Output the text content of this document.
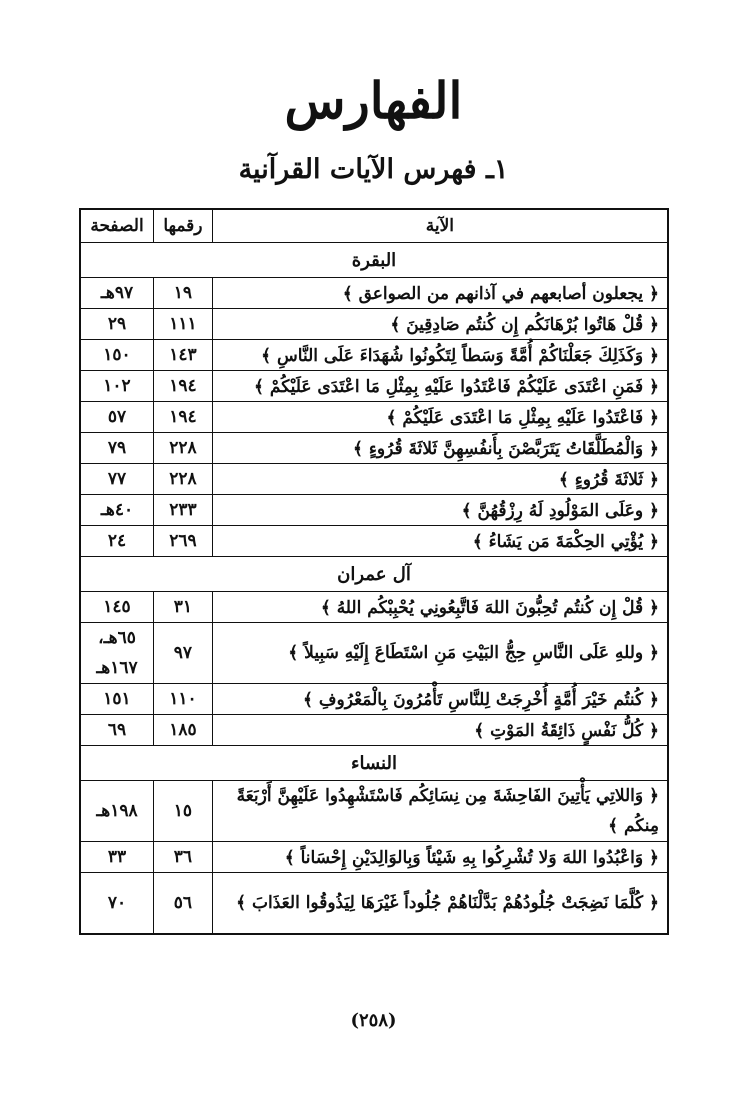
الفهارس
١ـ فهرس الآيات القرآنية
الآية	رقمها	الصفحة
البقرة		
﴿ يجعلون أصابعهم في آذانهم من الصواعق ﴾	١٩	٩٧هـ
﴿ قُلْ هَاتُوا بُرْهَانَكُم إِن كُنتُم صَادِقِينَ ﴾	١١١	٢٩
﴿ وَكَذَلِكَ جَعَلْنَاكُمْ أُمَّةً وَسَطاً لِتَكُونُوا شُهَدَاءَ عَلَى النَّاسِ ﴾	١٤٣	١٥٠
﴿ فَمَنِ اعْتَدَى عَلَيْكُمْ فَاعْتَدُوا عَلَيْهِ بِمِثْلِ مَا اعْتَدَى عَلَيْكُمْ ﴾	١٩٤	١٠٢
﴿ فَاعْتَدُوا عَلَيْهِ بِمِثْلِ مَا اعْتَدَى عَلَيْكُمْ ﴾	١٩٤	٥٧
﴿ وَالْمُطَلَّقَاتُ يَتَرَبَّصْنَ بِأَنفُسِهِنَّ ثَلاثَةَ قُرُوءٍ ﴾	٢٢٨	٧٩
﴿ ثَلاثَةَ قُرُوءٍ ﴾	٢٢٨	٧٧
﴿ وعَلَى المَوْلُودِ لَهُ رِزْقُهُنَّ ﴾	٢٣٣	٤٠هـ
﴿ يُؤْتِي الحِكْمَةَ مَن يَشَاءُ ﴾	٢٦٩	٢٤
آل عمران		
﴿ قُلْ إِن كُنتُم تُحِبُّونَ اللهَ فَاتَّبِعُونِي يُحْبِبْكُم اللهُ ﴾	٣١	١٤٥
﴿ وللهِ عَلَى النَّاسِ حِجُّ البَيْتِ مَنِ اسْتَطَاعَ إِلَيْهِ سَبِيلاً ﴾	٩٧	٦٥هـ، ١٦٧هـ
﴿ كُنتُم خَيْرَ أُمَّةٍ أُخْرِجَتْ لِلنَّاسِ تَأْمُرُونَ بِالْمَعْرُوفِ ﴾	١١٠	١٥١
﴿ كُلُّ نَفْسٍ ذَائِقَةُ المَوْتِ ﴾	١٨٥	٦٩
النساء		
﴿ وَاللاتِي يَأْتِينَ الفَاحِشَةَ مِن نِسَائِكُم فَاسْتَشْهِدُوا عَلَيْهِنَّ أَرْبَعَةً مِنكُم ﴾	١٥	١٩٨هـ
﴿ وَاعْبُدُوا اللهَ وَلا تُشْرِكُوا بِهِ شَيْئاً وَبِالوَالِدَيْنِ إِحْسَاناً ﴾	٣٦	٣٣
﴿ كُلَّمَا نَضِجَتْ جُلُودُهُمْ بَدَّلْنَاهُمْ جُلُوداً غَيْرَهَا لِيَذُوقُوا العَذَابَ ﴾	٥٦	٧٠
(٢٥٨)
